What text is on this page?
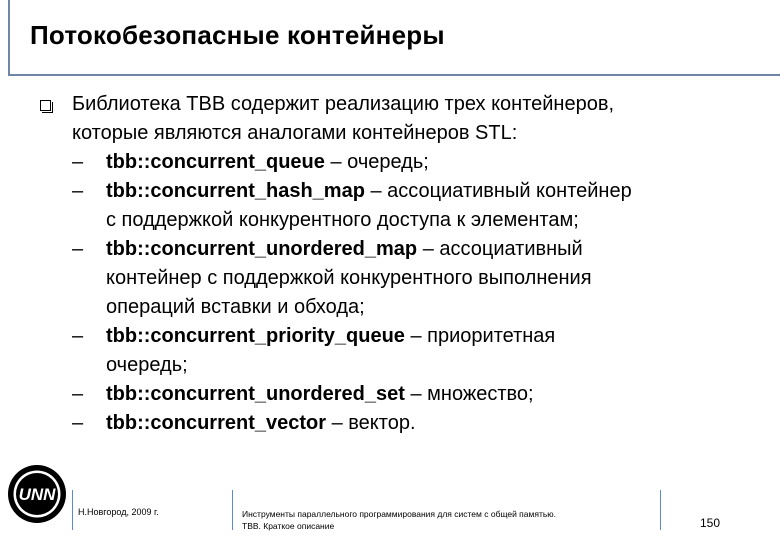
Потокобезопасные контейнеры
Библиотека TBB содержит реализацию трех контейнеров,
которые являются аналогами контейнеров STL:
– tbb::concurrent_queue – очередь;
– tbb::concurrent_hash_map – ассоциативный контейнер
с поддержкой конкурентного доступа к элементам;
– tbb::concurrent_unordered_map – ассоциативный
контейнер с поддержкой конкурентного выполнения
операций вставки и обхода;
– tbb::concurrent_priority_queue – приоритетная
очередь;
– tbb::concurrent_unordered_set – множество;
– tbb::concurrent_vector – вектор.
UNN
Н.Новгород, 2009 г.	Инструменты параллельного программирования для систем с общей памятью.
TBB. Краткое описание	150
